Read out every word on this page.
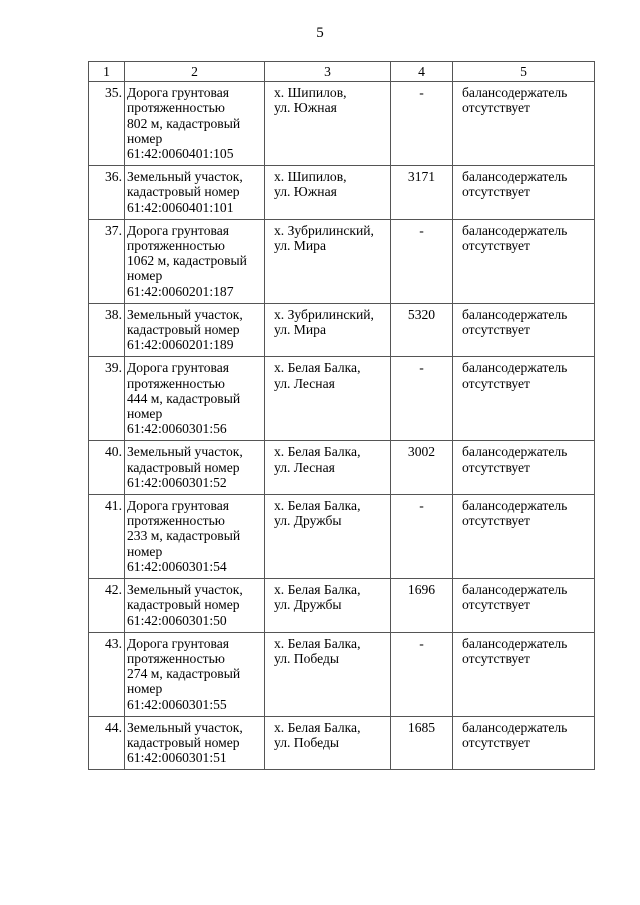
5
1	2	3	4	5
35.	Дорога грунтовая
протяженностью
802 м, кадастровый
номер
61:42:0060401:105	х. Шипилов,
ул. Южная	-	балансодержатель
отсутствует

36.	Земельный участок,
кадастровый номер
61:42:0060401:101	х. Шипилов,
ул. Южная	3171	балансодержатель
отсутствует

37.	Дорога грунтовая
протяженностью
1062 м, кадастровый
номер
61:42:0060201:187	х. Зубрилинский,
ул. Мира	-	балансодержатель
отсутствует

38.	Земельный участок,
кадастровый номер
61:42:0060201:189	х. Зубрилинский,
ул. Мира	5320	балансодержатель
отсутствует

39.	Дорога грунтовая
протяженностью
444 м, кадастровый
номер
61:42:0060301:56	х. Белая Балка,
ул. Лесная	-	балансодержатель
отсутствует

40.	Земельный участок,
кадастровый номер
61:42:0060301:52	х. Белая Балка,
ул. Лесная	3002	балансодержатель
отсутствует

41.	Дорога грунтовая
протяженностью
233 м, кадастровый
номер
61:42:0060301:54	х. Белая Балка,
ул. Дружбы	-	балансодержатель
отсутствует

42.	Земельный участок,
кадастровый номер
61:42:0060301:50	х. Белая Балка,
ул. Дружбы	1696	балансодержатель
отсутствует

43.	Дорога грунтовая
протяженностью
274 м, кадастровый
номер
61:42:0060301:55	х. Белая Балка,
ул. Победы	-	балансодержатель
отсутствует

44.	Земельный участок,
кадастровый номер
61:42:0060301:51	х. Белая Балка,
ул. Победы	1685	балансодержатель
отсутствует
